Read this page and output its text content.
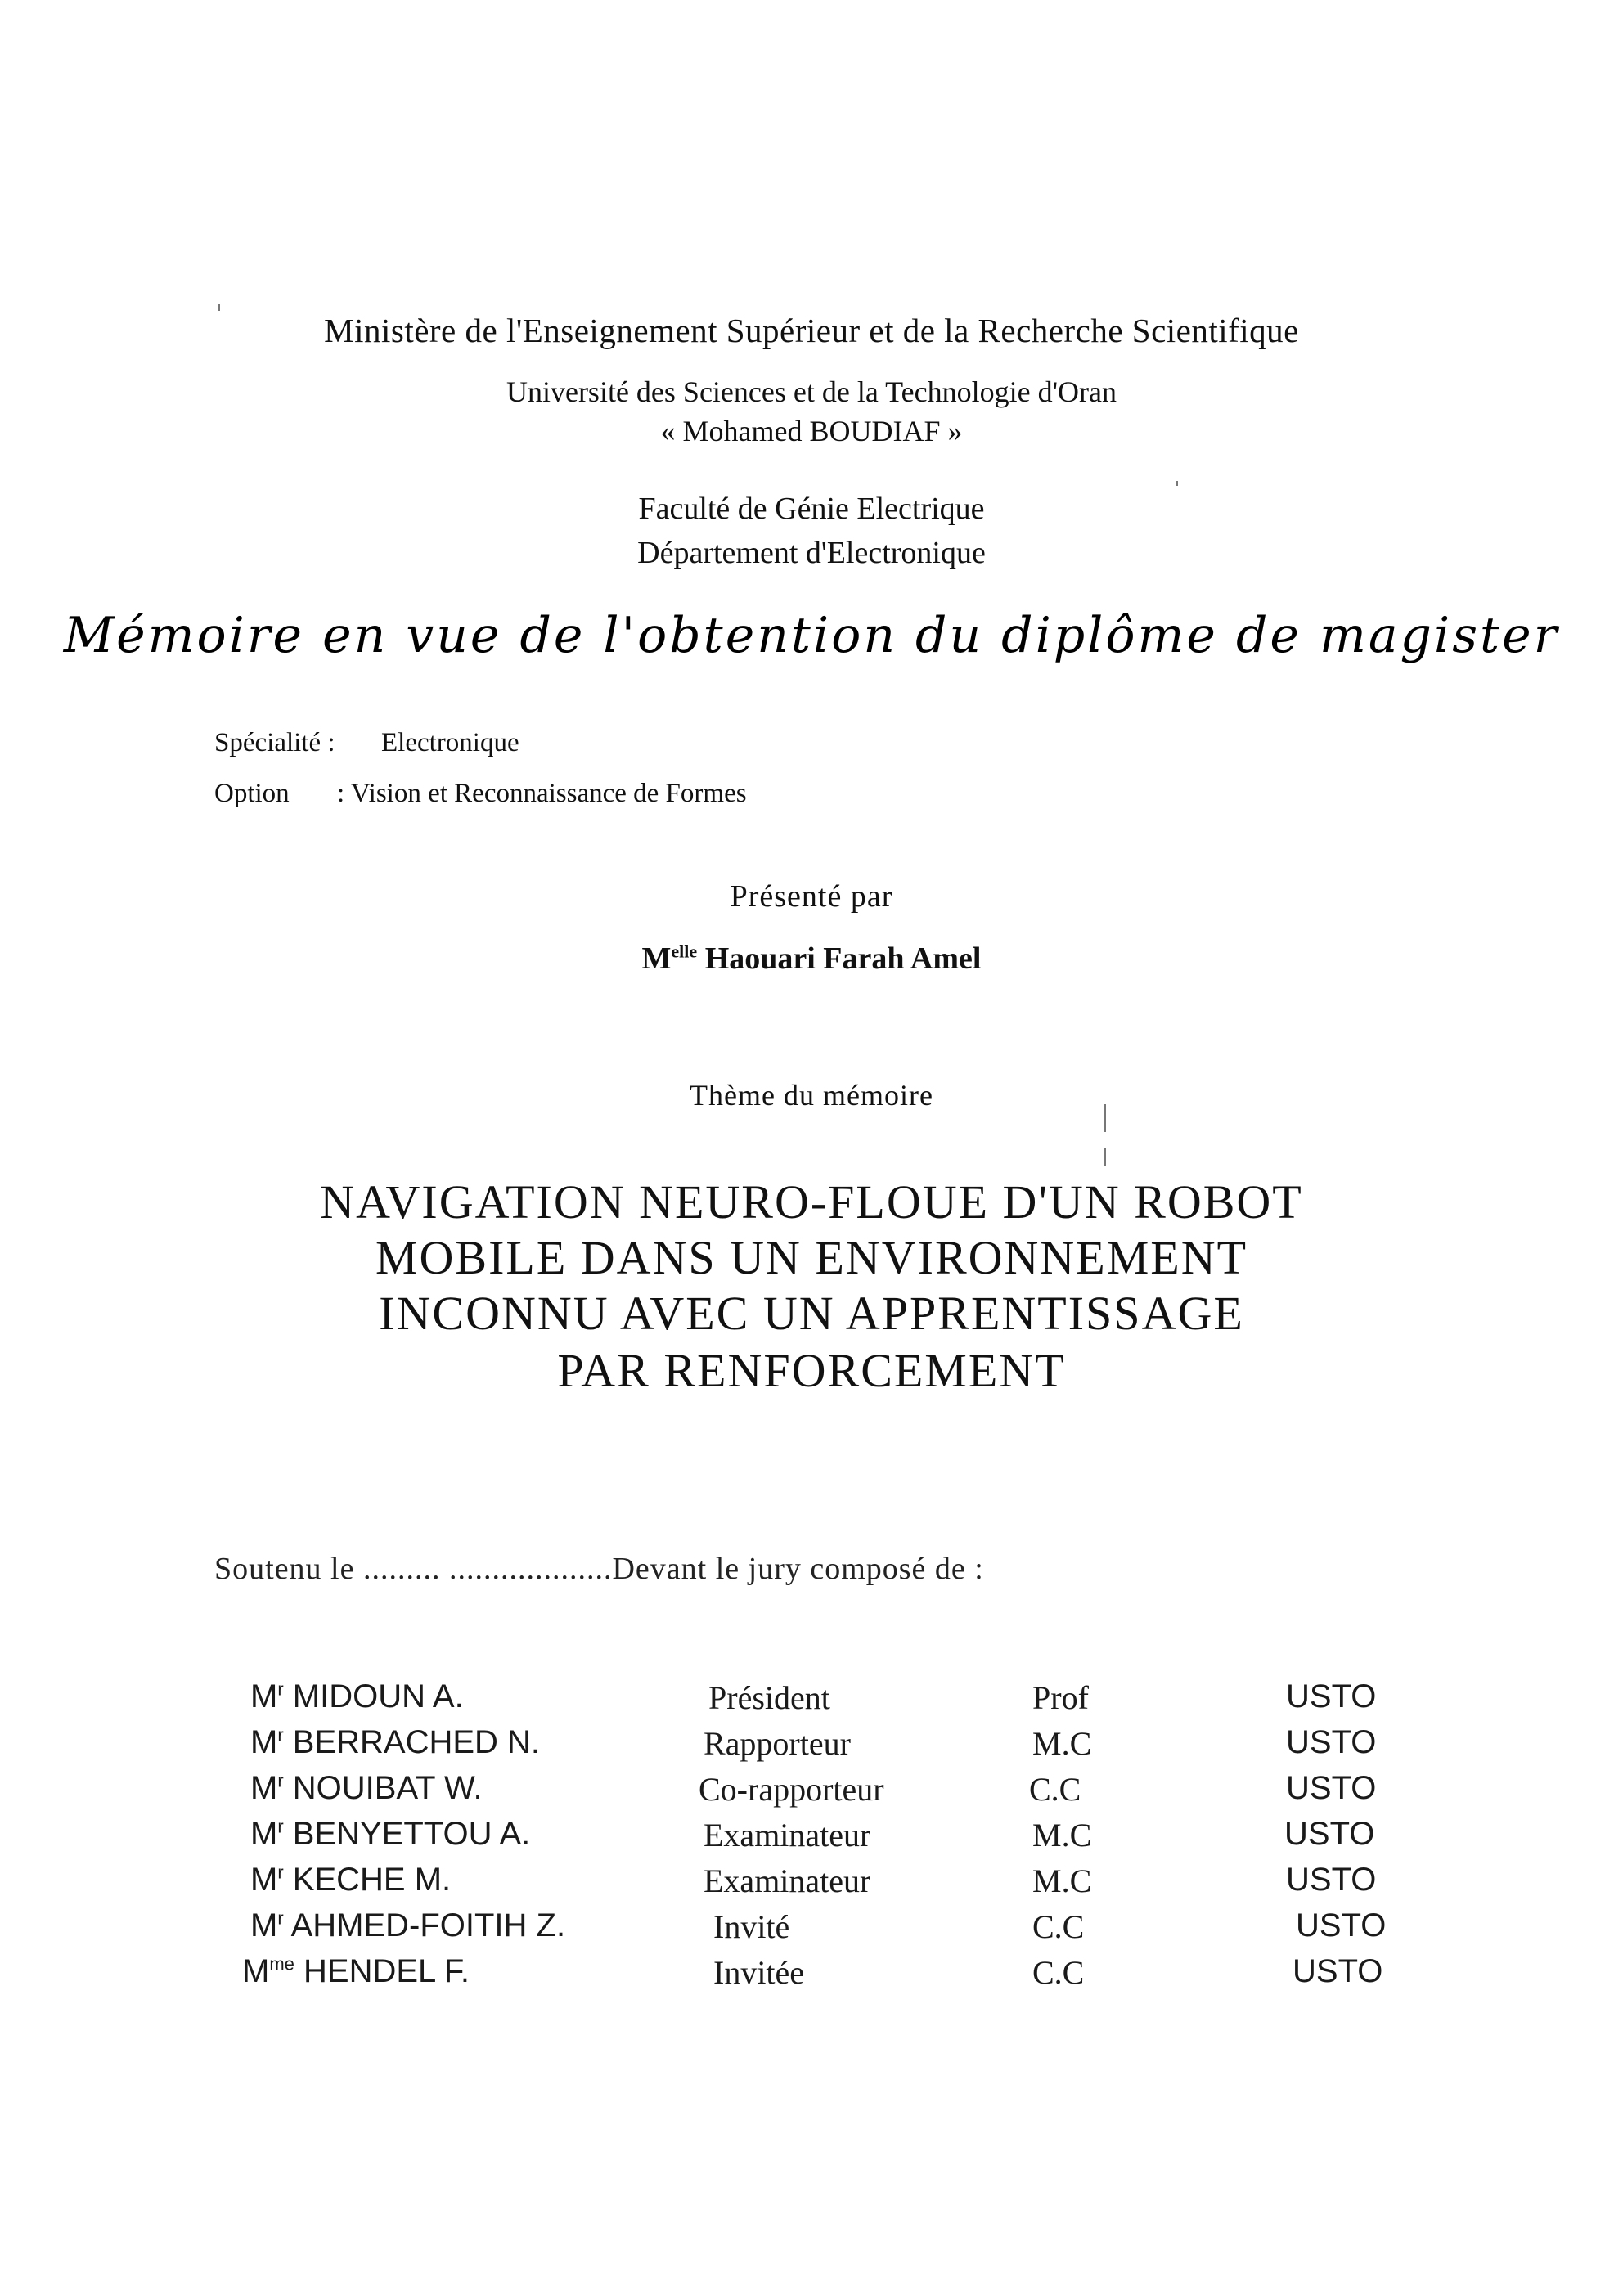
Ministère de l'Enseignement Supérieur et de la Recherche Scientifique
Université des Sciences et de la Technologie d'Oran
« Mohamed BOUDIAF »
Faculté de Génie Electrique
Département d'Electronique
Mémoire en vue de l'obtention du diplôme de magister
Spécialité : Electronique
Option : Vision et Reconnaissance de Formes
Présenté par
$M^{elle}$ Haouari Farah Amel
Thème du mémoire
NAVIGATION NEURO-FLOUE D'UN ROBOT
MOBILE DANS UN ENVIRONNEMENT
INCONNU AVEC UN APPRENTISSAGE
PAR RENFORCEMENT
Soutenu le ......... ...................Devant le jury composé de :
$M^r$ MIDOUN A.	Président	Prof	USTO
$M^r$ BERRACHED N.	Rapporteur	M.C	USTO
$M^r$ NOUIBAT W.	Co-rapporteur	C.C	USTO
$M^r$ BENYETTOU A.	Examinateur	M.C	USTO
$M^r$ KECHE M.	Examinateur	M.C	USTO
$M^r$ AHMED-FOITIH Z.	Invité	C.C	USTO
$M^{me}$ HENDEL F.	Invitée	C.C	USTO
